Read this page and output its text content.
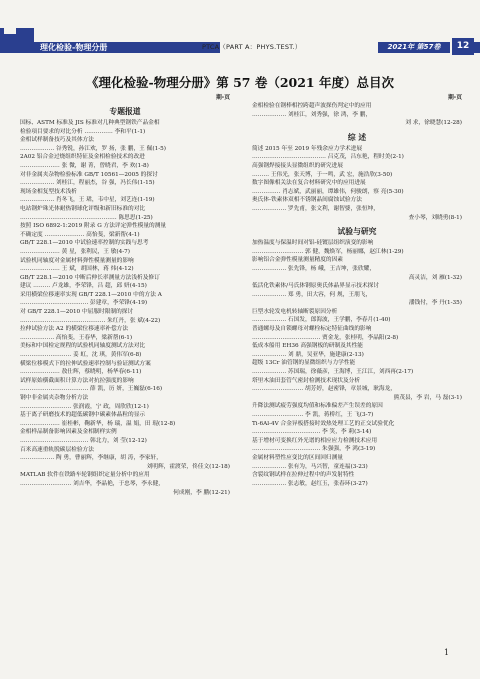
理化检验-物理分册	PTCA（PART A：PHYS.TEST.）	2021年 第57卷	12
《理化检验-物理分册》第 57 卷（2021 年度）总目次
期-页
专题报道
国标、ASTM 标准及 JIS 标准对几种典型钢铁产品金相
检验项目要求的对比分析 …………… 李和平(1-1)
金相试样制备技巧及其体方法
……………… 谷秀锐，孙江欢，罗 扬，张 鹏，王 佩(1-5)
2A02 铝合金过烧组织特征及金相检验技术的改进
………………… 张 微，谢 菁，曾晓君，李 欢(1-8)
对非金属夹杂物检验标准 GB/T 10561—2005 的探讨
……………… 刘桂江，程丽杰，谷 强，冯长伟(1-15)
现场金相复型技术浅析
……………… 肖冬飞，王 珺，韦中星，刘艺连(1-19)
电站钢炉珠光体耐热钢球化评级和新旧标准的对比
…………………………………………… 陈思思(1-25)
按照 ISO 6892-1:2019 附录 G 方法评定弹性模量的测量
不确定度 ………………… 高怡斐，梁新帮(4-1)
GB/T 228.1—2010 中试验速率控制的实践与思考
………………… 黄 星，张利民，王 敏(4-7)
试验机同轴度对金属材料弹性模量测量的影响
………………… 王 斌，胡国林，蒋 炜(4-12)
GB/T 228.1—2010 中断后伸长率测量方法浅析及修订
建议 ……… 卢龙雄，李荣锋，吕 超，邱 妍(4-15)
采用横梁位移速率实现 GB/T 228.1—2010 中的方法 A
……………………………… 彭建章，李荣锋(4-19)
对 GB/T 228.1—2010 中屈服时限制的探讨
……………………………………… 朱红丹，张 斌(4-22)
拉伸试验方法 A2 的横梁位移速率补偿方法
……………… 高怡斐，王春华，梁新帮(6-1)
美标和中国检定规程的试验机同轴度测试方法对比
……………………… 姜 虹，沈 琪，黄伟军(6-8)
横梁位移模式下的拉伸试验速率控制与验证测试方案
………………… 敖仕辉，蔡晓明，杨华春(6-11)
试样原始横截面积计算方法对抗拉强度的影响
……………………………… 薛 凯，历 妍，王巍磊(6-16)
钢中非金属夹杂物分析方法
……………………… 张润霞，宁 政，周欣欣(12-1)
基于离子研磨技术的超低碳钢中碳素体晶粒的显示
………………… 崔桂彬，鞠新华，杨 瑞，温 娟，田 琨(12-8)
金相样品制备影响因素及金相制样实例
……………………………… 韩北力，刘 莹(12-12)
百米高速重轨脱碳层检验方法
……………… 陶 勇，曹丽辉，李继康，胡 涛，李家轩，
刘明辉，霍渡荣，佟佳文(12-18)
MATLAB 软件在铁路车轮钢组织定量分析中的应用
……………………… 刘吉华，李晶艳，于忠琴，李永健，
何成刚，李 鹏(12-21)
期-页
金相检验在钢棒相控跨超声波探伤判定中的应用
……………… 刘桂江，刘秀强，徐 鸿，李 鹏，
刘 求，徐晓慧(12-28)
综 述
简述 2015 年至 2019 年残余应力学术进展
………………………………… 吕克茂，吕东艳，程时美(2-1)
高强钢焊接接头显微组织的研究进展
……… 王伟光，张天博，于一鸣，武 宏，施浩欣(3-50)
数字图像相关法在复合材料研究中的应用进展
…………… 肖志斌，武丽丽，谭雄伟，何骏朗，察 亮(5-30)
奥氏体-铁素体双相不锈钢晶间腐蚀试验方法
……………… 罗先甫，张文利，谢智婆，张恒坤，
查小琴，刘晓勇(8-1)
试验与研究
加热温度与保温时间对铝-硅镀层组织演变的影响
……………………… 郭 健，魏焕军，杨丽娜，赵江林(1-29)
影响铝合金弹性模量测量精度的因素
……………… 张先锋，杨 峨，王吉坤，张欣耀，
高灵洁，刘 雁(1-32)
低活化铁素体/马氏体钢原奥氏体晶界显示技术探讨
……………… 郑 勇，田大容，何 规，王朋飞，
潘钱付，李 丹(1-35)
巨型水轮发电机转轴断裂原因分析
……………… 石国发，郎海波，王学鹏，李春月(1-40)
普通螺母及自锁螺母对螺栓标定特征曲线的影响
……………………………… 贾金龙，张桂明，李晶阳(2-8)
低成本船用 EH36 高强钢板的研制及其性能
……………… 刘 鼎，吴亚华，施建康(2-13)
超级 13Cr 油管钢的显微组织与力学性能
……………… 苏国瑞，徐薇彦，王海博，王江江，刘西再(2-17)
塔里木油田套管气密封检测技术现状及分析
……………………… 胡芳婷，赵密锋，章景城，耿海龙，
熊茂县，李 岩，马 磊(3-1)
升降法测试疲劳强度均值和标准偏差产生误差的原因
……………………… 李 凯，蒋桥红，王 飞(3-7)
Ti-6Al-4V 合金异板搭接时效热处理工艺的正交试验优化
……………………………… 李 笑，李 莉(3-14)
基于增材可变换红外光谱的相应应力检测技术应用
……………………………… 朱强强，李 鸿(3-19)
金属材料塑性应变比的区间回归测量
……………… 张有为，马兴智，童连福(3-23)
含裂纹钢试样在拉伸过程中的声发射特性
……………… 张志敏，赵红玉，张春环(3-27)
1
